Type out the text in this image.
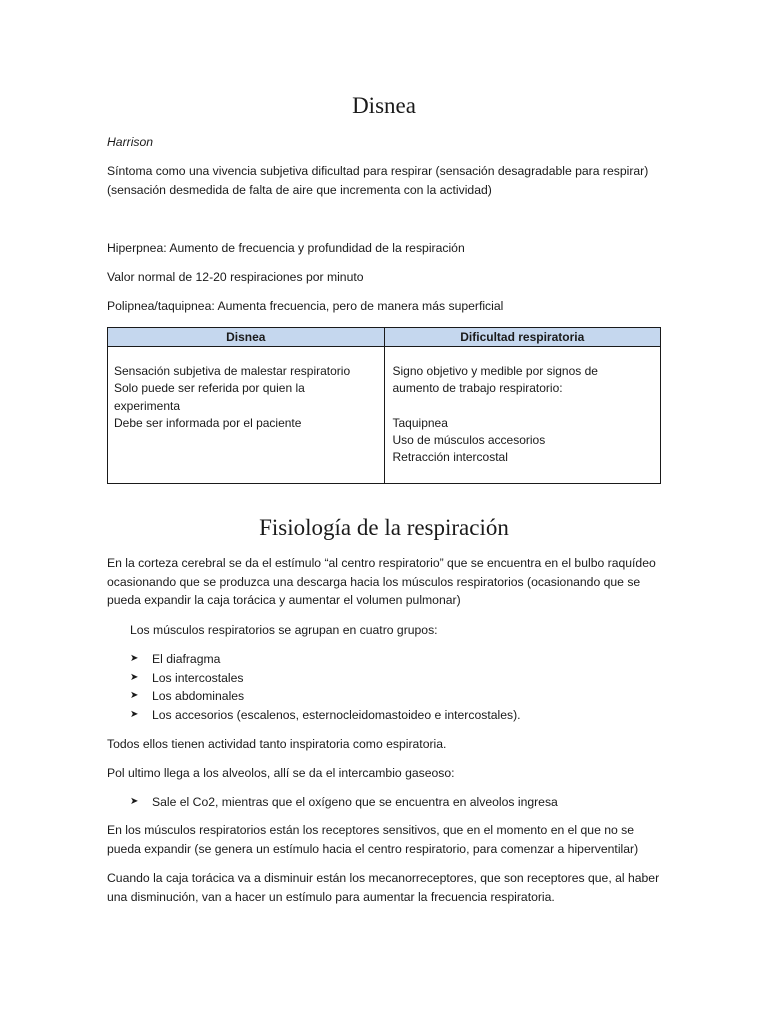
Disnea

Harrison

Síntoma como una vivencia subjetiva dificultad para respirar (sensación desagradable para respirar) (sensación desmedida de falta de aire que incrementa con la actividad)

Hiperpnea: Aumento de frecuencia y profundidad de la respiración

Valor normal de 12-20 respiraciones por minuto

Polipnea/taquipnea: Aumenta frecuencia, pero de manera más superficial

Disnea	Dificultad respiratoria

Sensación subjetiva de malestar respiratorio
Solo puede ser referida por quien la
experimenta
Debe ser informada por el paciente	Signo objetivo y medible por signos de
aumento de trabajo respiratorio:
Taquipnea
Uso de músculos accesorios
Retracción intercostal
Fisiología de la respiración

En la corteza cerebral se da el estímulo “al centro respiratorio” que se encuentra en el bulbo raquídeo ocasionando que se produzca una descarga hacia los músculos respiratorios (ocasionando que se pueda expandir la caja torácica y aumentar el volumen pulmonar)

Los músculos respiratorios se agrupan en cuatro grupos:

➤ El diafragma
➤ Los intercostales
➤ Los abdominales
➤ Los accesorios (escalenos, esternocleidomastoideo e intercostales).

Todos ellos tienen actividad tanto inspiratoria como espiratoria.

Pol ultimo llega a los alveolos, allí se da el intercambio gaseoso:

➤ Sale el Co2, mientras que el oxígeno que se encuentra en alveolos ingresa

En los músculos respiratorios están los receptores sensitivos, que en el momento en el que no se pueda expandir (se genera un estímulo hacia el centro respiratorio, para comenzar a hiperventilar)

Cuando la caja torácica va a disminuir están los mecanorreceptores, que son receptores que, al haber una disminución, van a hacer un estímulo para aumentar la frecuencia respiratoria.
